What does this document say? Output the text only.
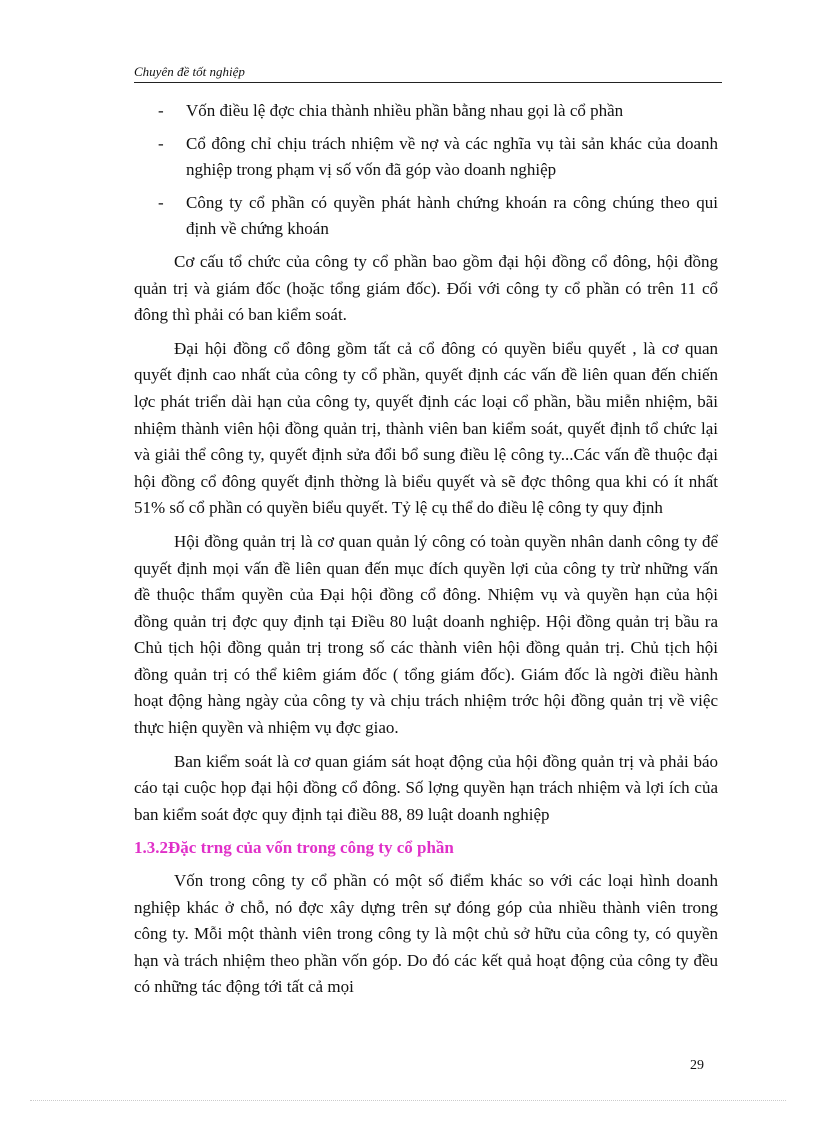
Chuyên đề tốt nghiệp
-	Vốn điều lệ đợc chia thành nhiều phần bằng nhau gọi là cổ phần
-	Cổ đông chỉ chịu trách nhiệm về nợ và các nghĩa vụ tài sản khác của doanh nghiệp trong phạm vị số vốn đã góp vào doanh nghiệp
-	Công ty cổ phần có quyền phát hành chứng khoán ra công chúng theo qui định về chứng khoán

Cơ cấu tổ chức của công ty cổ phần bao gồm đại hội đồng cổ đông, hội đồng quản trị và giám đốc (hoặc tổng giám đốc). Đối với công ty cổ phần có trên 11 cổ đông thì phải có ban kiểm soát.

Đại hội đồng cổ đông gồm tất cả cổ đông có quyền biểu quyết , là cơ quan quyết định cao nhất của công ty cổ phần, quyết định các vấn đề liên quan đến chiến lợc phát triển dài hạn của công ty, quyết định các loại cổ phần, bầu miễn nhiệm, bãi nhiệm thành viên hội đồng quản trị, thành viên ban kiểm soát, quyết định tổ chức lại và giải thể công ty, quyết định sửa đổi bổ sung điều lệ công ty...Các vấn đề thuộc đại hội đồng cổ đông quyết định thờng là biểu quyết và sẽ đợc thông qua khi có ít nhất 51% số cổ phần có quyền biểu quyết. Tỷ lệ cụ thể do điều lệ công ty quy định

Hội đồng quản trị là cơ quan quản lý công có toàn quyền nhân danh công ty để quyết định mọi vấn đề liên quan đến mục đích quyền lợi của công ty trừ những vấn đề thuộc thẩm quyền của Đại hội đồng cổ đông. Nhiệm vụ và quyền hạn của hội đồng quản trị đợc quy định tại Điều 80 luật doanh nghiệp. Hội đồng quản trị bầu ra Chủ tịch hội đồng quản trị trong số các thành viên hội đồng quản trị. Chủ tịch hội đồng quản trị có thể kiêm giám đốc ( tổng giám đốc). Giám đốc là ngời điều hành hoạt động hàng ngày của công ty và chịu trách nhiệm trớc hội đồng quản trị về việc thực hiện quyền và nhiệm vụ đợc giao.

Ban kiểm soát là cơ quan giám sát hoạt động của hội đồng quản trị và phải báo cáo tại cuộc họp đại hội đồng cổ đông. Số lợng quyền hạn trách nhiệm và lợi ích của ban kiểm soát đợc quy định tại điều 88, 89 luật doanh nghiệp

1.3.2Đặc trng của vốn trong công ty cổ phần

Vốn trong công ty cổ phần có một số điểm khác so với các loại hình doanh nghiệp khác ở chỗ, nó đợc xây dựng trên sự đóng góp của nhiều thành viên trong công ty. Mỗi một thành viên trong công ty là một chủ sở hữu của công ty, có quyền hạn và trách nhiệm theo phần vốn góp. Do đó các kết quả hoạt động của công ty đều có những tác động tới tất cả mọi

29
